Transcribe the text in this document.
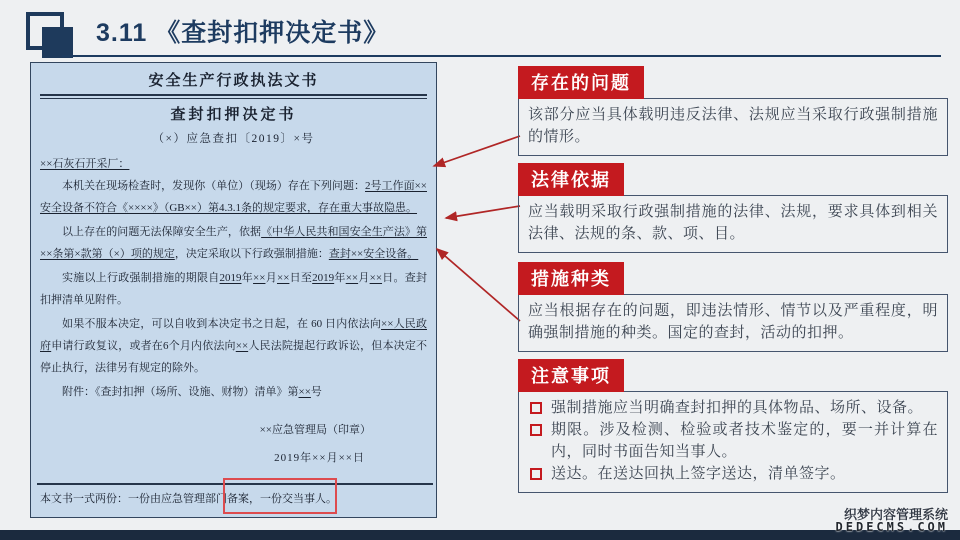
3.11 《查封扣押决定书》
安全生产行政执法文书
查封扣押决定书
（×）应急查扣〔2019〕×号
××石灰石开采厂：

本机关在现场检查时，发现你（单位）（现场）存在下列问题：2号工作面××安全设备不符合《××××》（GB××）第4.3.1条的规定要求，存在重大事故隐患。

以上存在的问题无法保障安全生产，依据《中华人民共和国安全生产法》第××条第×款第（×）项的规定，决定采取以下行政强制措施：查封××安全设备。

实施以上行政强制措施的期限自2019年××月××日至2019年××月××日。查封扣押清单见附件。

如果不服本决定，可以自收到本决定书之日起，在 60 日内依法向××人民政府申请行政复议，或者在6个月内依法向××人民法院提起行政诉讼，但本决定不停止执行，法律另有规定的除外。

附件：《查封扣押（场所、设施、财物）清单》第××号

××应急管理局（印章）
2019年××月××日
本文书一式两份：一份由应急管理部门备案，一份交当事人。
存在的问题
该部分应当具体载明违反法律、法规应当采取行政强制措施的情形。
法律依据
应当载明采取行政强制措施的法律、法规，要求具体到相关法律、法规的条、款、项、目。
措施种类
应当根据存在的问题，即违法情形、情节以及严重程度，明确强制措施的种类。国定的查封，活动的扣押。
注意事项
强制措施应当明确查封扣押的具体物品、场所、设备。
期限。涉及检测、检验或者技术鉴定的，要一并计算在内，同时书面告知当事人。
送达。在送达回执上签字送达，清单签字。
织梦内容管理系统
DEDECMS.COM
